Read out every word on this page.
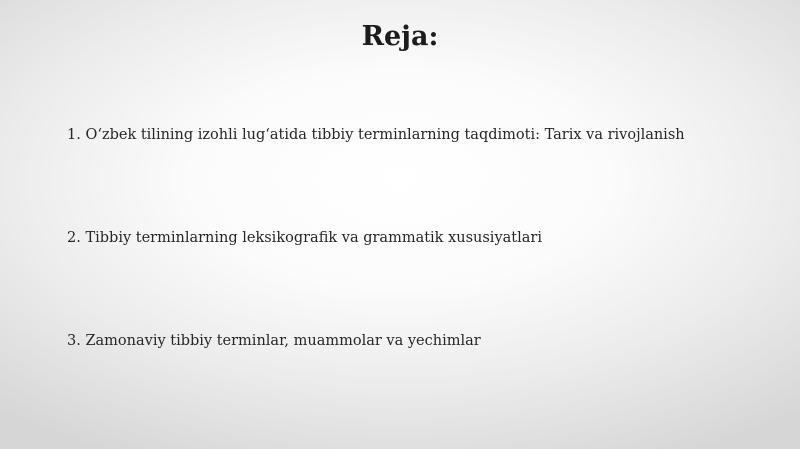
Reja:
1. O‘zbek tilining izohli lug‘atida tibbiy terminlarning taqdimoti: Tarix va rivojlanish
2. Tibbiy terminlarning leksikografik va grammatik xususiyatlari
3. Zamonaviy tibbiy terminlar, muammolar va yechimlar
